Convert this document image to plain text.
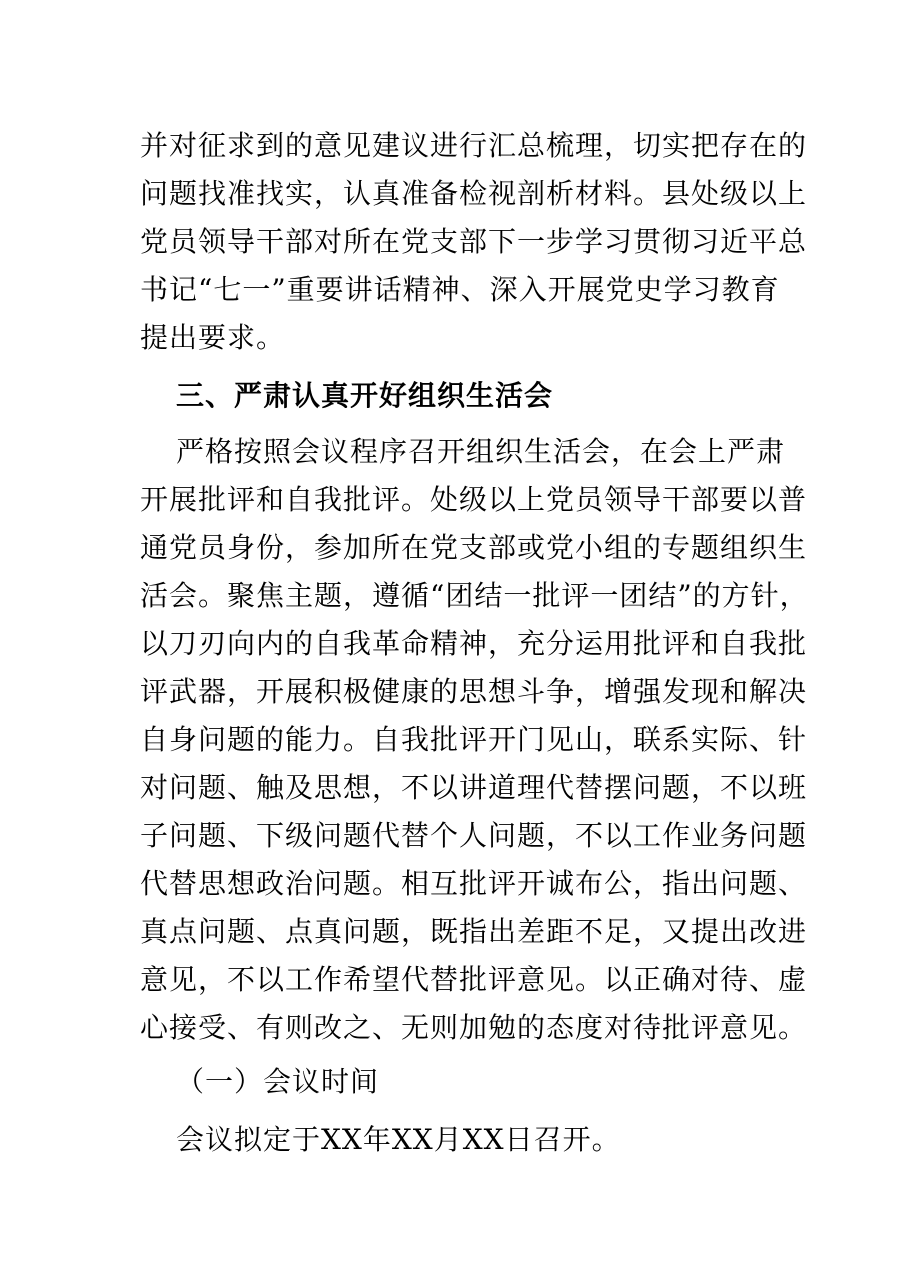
并对征求到的意见建议进行汇总梳理，切实把存在的
问题找准找实，认真准备检视剖析材料。县处级以上
党员领导干部对所在党支部下一步学习贯彻习近平总
书记“七一”重要讲话精神、深入开展党史学习教育
提出要求。
三、严肃认真开好组织生活会
严格按照会议程序召开组织生活会，在会上严肃
开展批评和自我批评。处级以上党员领导干部要以普
通党员身份，参加所在党支部或党小组的专题组织生
活会。聚焦主题，遵循“团结一批评一团结”的方针，
以刀刃向内的自我革命精神，充分运用批评和自我批
评武器，开展积极健康的思想斗争，增强发现和解决
自身问题的能力。自我批评开门见山，联系实际、针
对问题、触及思想，不以讲道理代替摆问题，不以班
子问题、下级问题代替个人问题，不以工作业务问题
代替思想政治问题。相互批评开诚布公，指出问题、
真点问题、点真问题，既指出差距不足，又提出改进
意见，不以工作希望代替批评意见。以正确对待、虚
心接受、有则改之、无则加勉的态度对待批评意见。
（一）会议时间
会议拟定于XX年XX月XX日召开。
